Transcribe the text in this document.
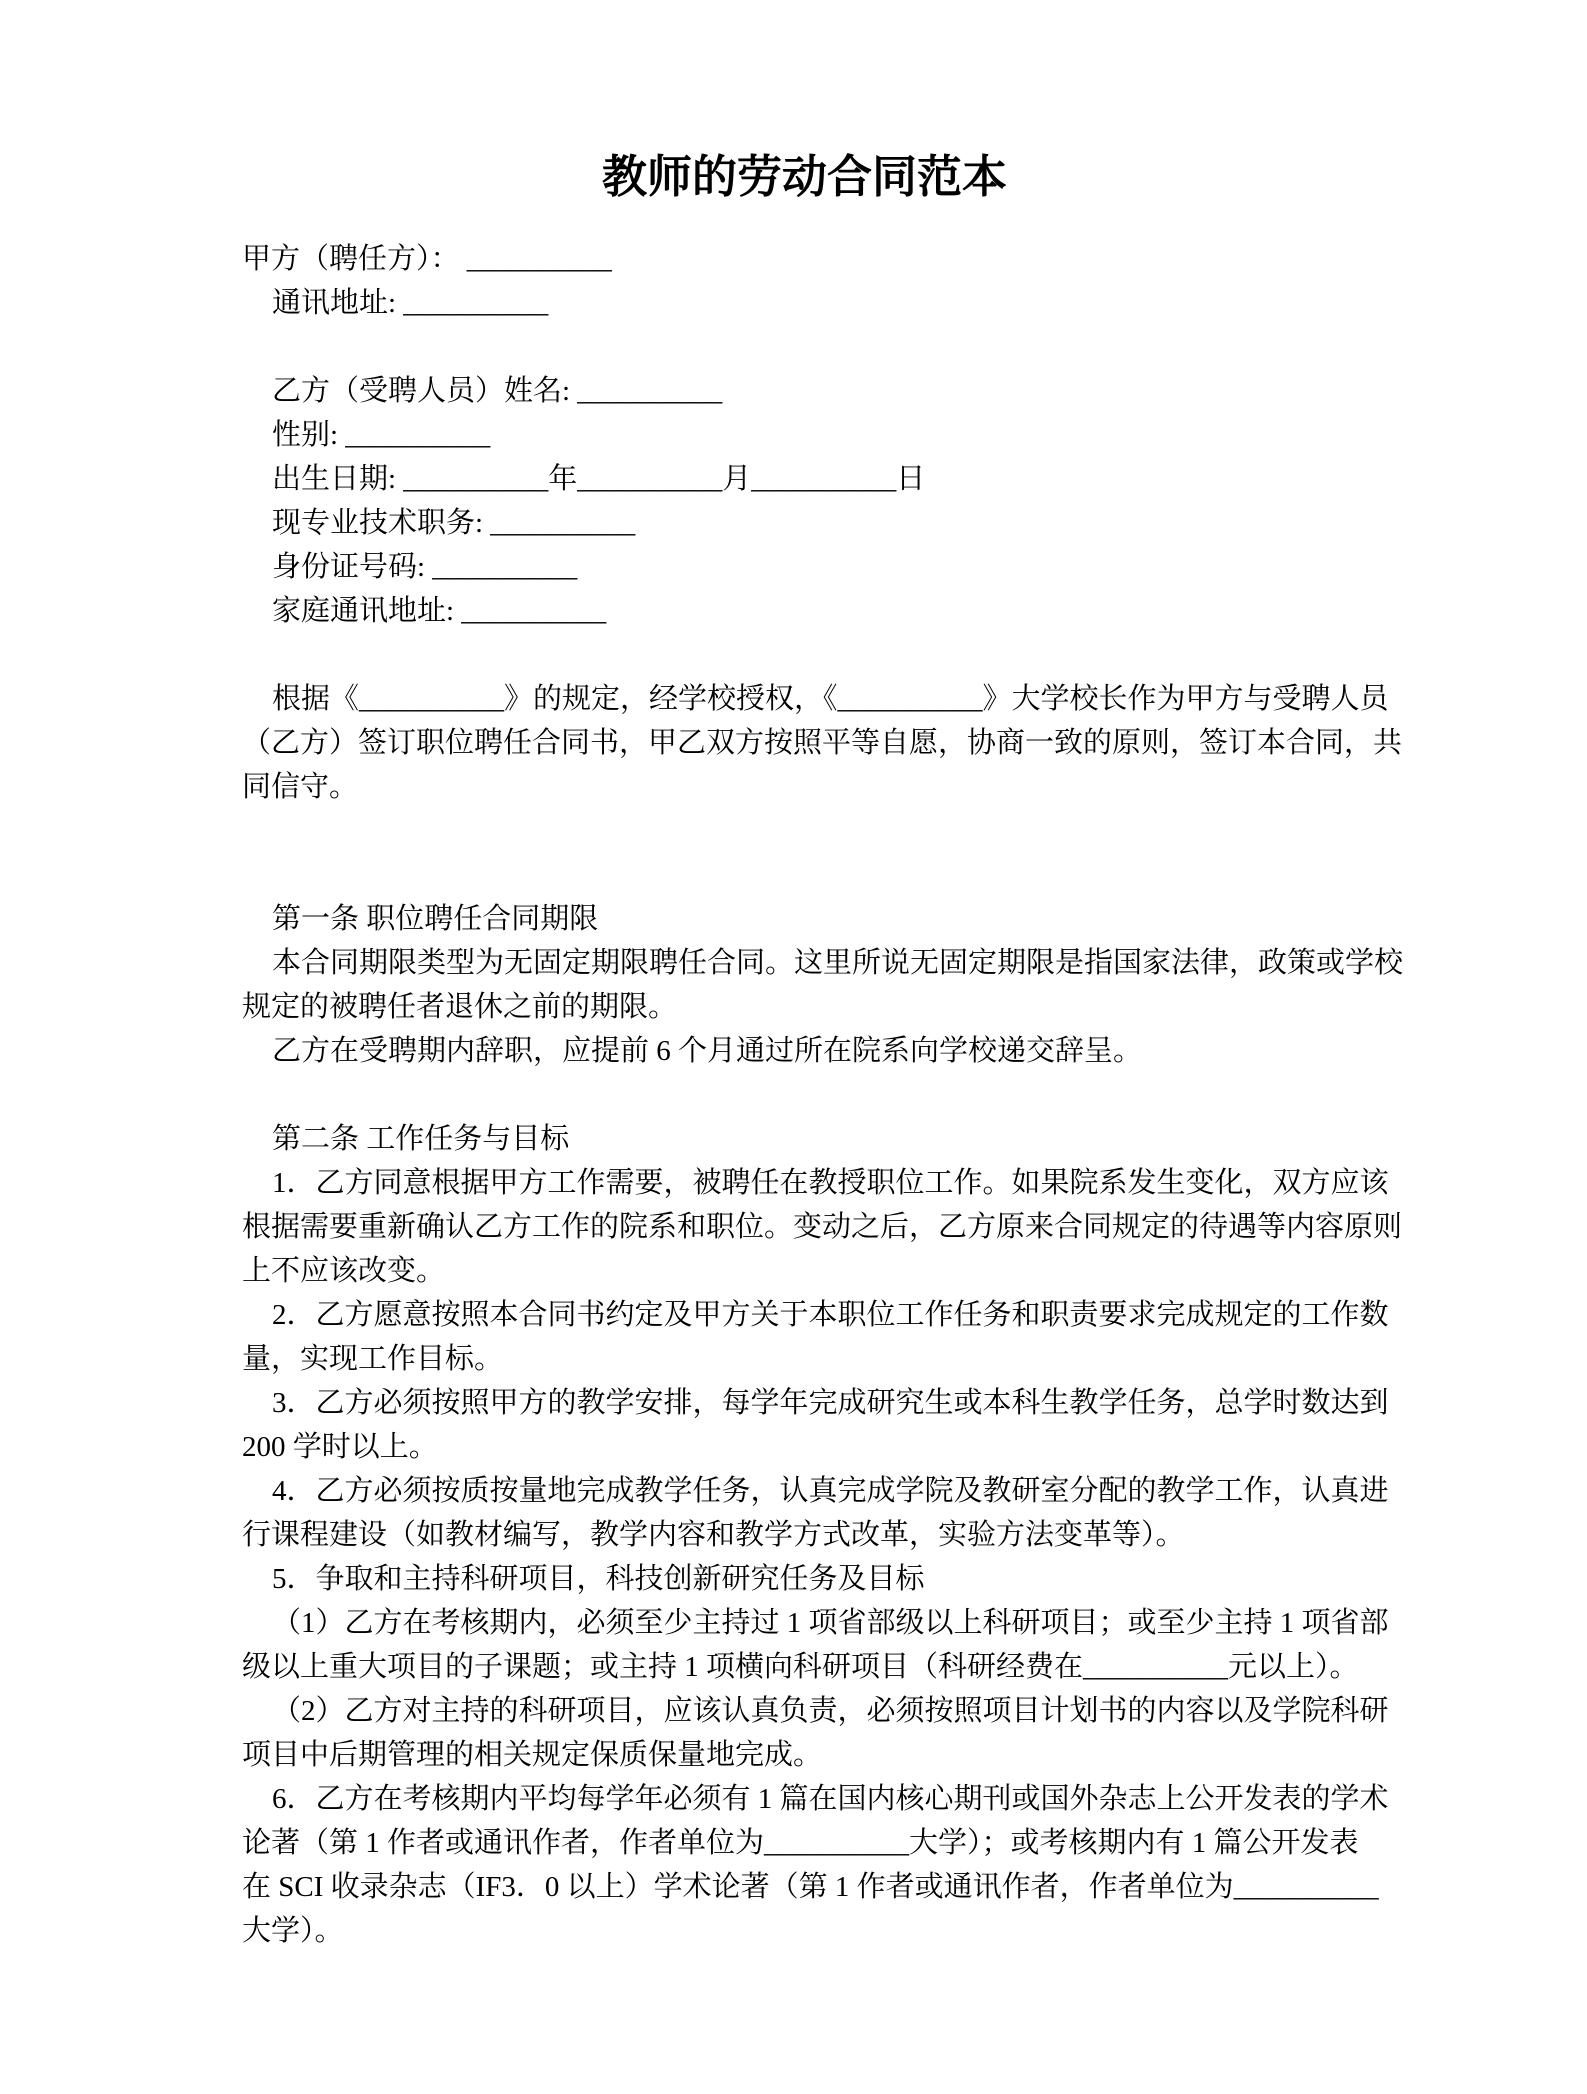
教师的劳动合同范本

甲方（聘任方）： __________

通讯地址: __________

乙方（受聘人员）姓名: __________

性别: __________

出生日期: __________年__________月__________日

现专业技术职务: __________

身份证号码: __________

家庭通讯地址: __________

根据《__________》的规定，经学校授权，《__________》大学校长作为甲方与受聘人员

（乙方）签订职位聘任合同书，甲乙双方按照平等自愿，协商一致的原则，签订本合同，共

同信守。

第一条 职位聘任合同期限

本合同期限类型为无固定期限聘任合同。这里所说无固定期限是指国家法律，政策或学校

规定的被聘任者退休之前的期限。

乙方在受聘期内辞职，应提前 6 个月通过所在院系向学校递交辞呈。

第二条 工作任务与目标

1．乙方同意根据甲方工作需要，被聘任在教授职位工作。如果院系发生变化，双方应该

根据需要重新确认乙方工作的院系和职位。变动之后，乙方原来合同规定的待遇等内容原则

上不应该改变。

2．乙方愿意按照本合同书约定及甲方关于本职位工作任务和职责要求完成规定的工作数

量，实现工作目标。

3．乙方必须按照甲方的教学安排，每学年完成研究生或本科生教学任务，总学时数达到

200 学时以上。

4．乙方必须按质按量地完成教学任务，认真完成学院及教研室分配的教学工作，认真进

行课程建设（如教材编写，教学内容和教学方式改革，实验方法变革等）。

5．争取和主持科研项目，科技创新研究任务及目标

（1）乙方在考核期内，必须至少主持过 1 项省部级以上科研项目；或至少主持 1 项省部

级以上重大项目的子课题；或主持 1 项横向科研项目（科研经费在__________元以上）。

（2）乙方对主持的科研项目，应该认真负责，必须按照项目计划书的内容以及学院科研

项目中后期管理的相关规定保质保量地完成。

6．乙方在考核期内平均每学年必须有 1 篇在国内核心期刊或国外杂志上公开发表的学术

论著（第 1 作者或通讯作者，作者单位为__________大学）；或考核期内有 1 篇公开发表

在 SCI 收录杂志（IF3．0 以上）学术论著（第 1 作者或通讯作者，作者单位为__________

大学）。
